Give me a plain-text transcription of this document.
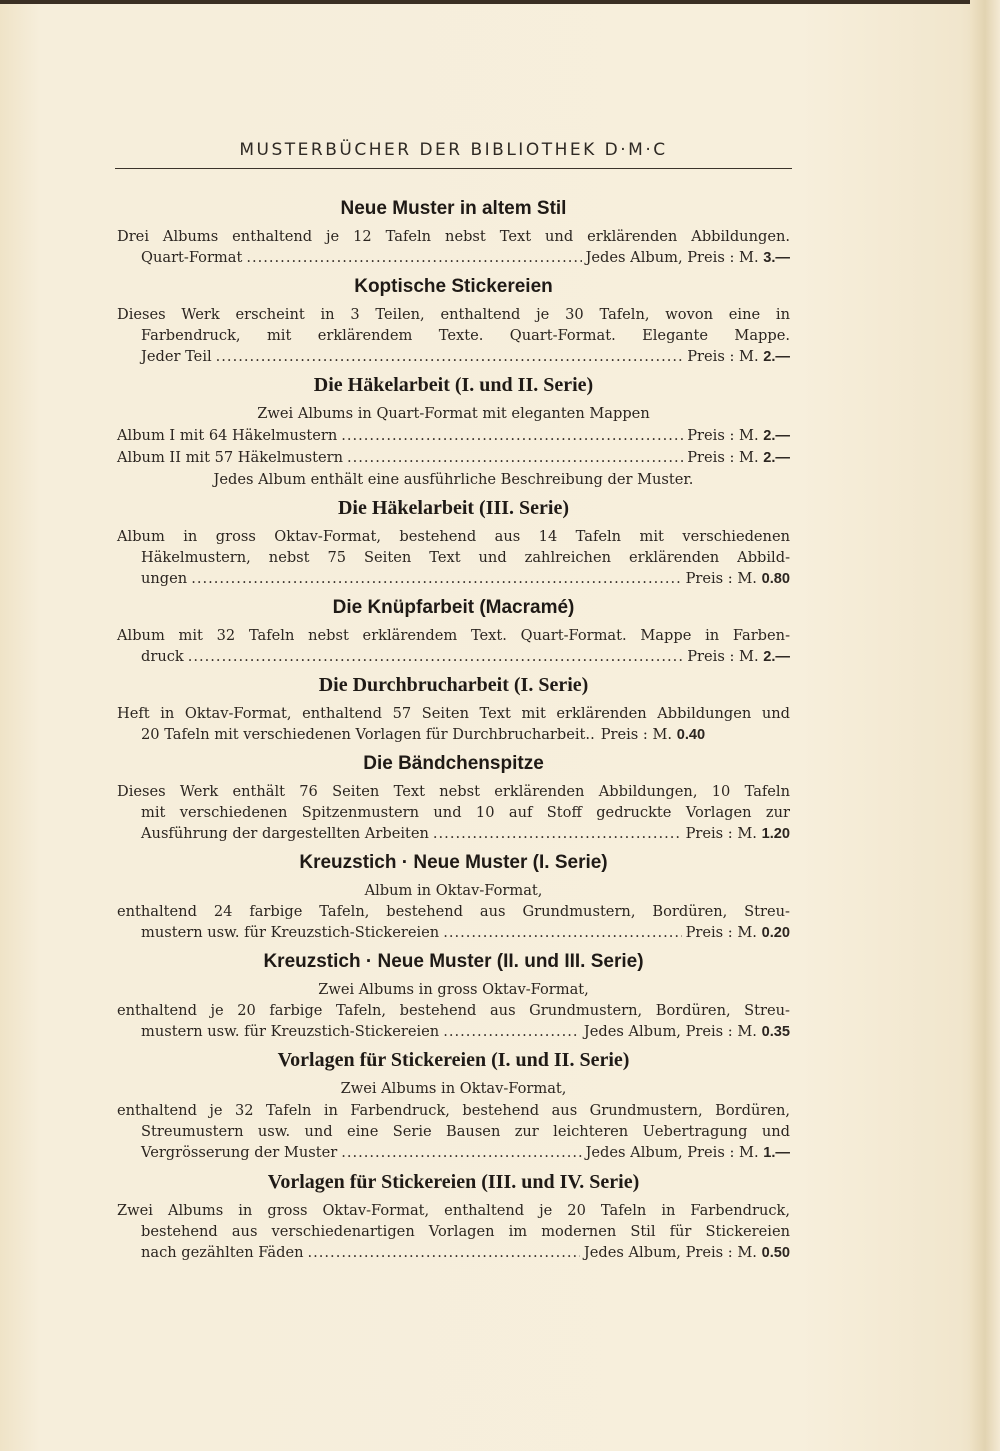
MUSTERBÜCHER DER BIBLIOTHEK D·M·C
Neue Muster in altem Stil
Drei Albums enthaltend je 12 Tafeln nebst Text und erklärenden Abbildungen.
Quart-Format .....	Jedes Album, Preis : M. 3.—
Koptische Stickereien
Dieses Werk erscheint in 3 Teilen, enthaltend je 30 Tafeln, wovon eine in
Farbendruck, mit erklärendem Texte. Quart-Format. Elegante Mappe.
Jeder Teil .....	Preis : M. 2.—
Die Häkelarbeit (I. und II. Serie)
Zwei Albums in Quart-Format mit eleganten Mappen
Album I mit 64 Häkelmustern .....	Preis : M. 2.—
Album II mit 57 Häkelmustern .....	Preis : M. 2.—
Jedes Album enthält eine ausführliche Beschreibung der Muster.
Die Häkelarbeit (III. Serie)
Album in gross Oktav-Format, bestehend aus 14 Tafeln mit verschiedenen
Häkelmustern, nebst 75 Seiten Text und zahlreichen erklärenden Abbild-
ungen .....	Preis : M. 0.80
Die Knüpfarbeit (Macramé)
Album mit 32 Tafeln nebst erklärendem Text. Quart-Format. Mappe in Farben-
druck .....	Preis : M. 2.—
Die Durchbrucharbeit (I. Serie)
Heft in Oktav-Format, enthaltend 57 Seiten Text mit erklärenden Abbildungen und
20 Tafeln mit verschiedenen Vorlagen für Durchbrucharbeit.. Preis : M. 0.40
Die Bändchenspitze
Dieses Werk enthält 76 Seiten Text nebst erklärenden Abbildungen, 10 Tafeln
mit verschiedenen Spitzenmustern und 10 auf Stoff gedruckte Vorlagen zur
Ausführung der dargestellten Arbeiten .....	Preis : M. 1.20
Kreuzstich · Neue Muster (I. Serie)
Album in Oktav-Format,
enthaltend 24 farbige Tafeln, bestehend aus Grundmustern, Bordüren, Streu-
mustern usw. für Kreuzstich-Stickereien .....	Preis : M. 0.20
Kreuzstich · Neue Muster (II. und III. Serie)
Zwei Albums in gross Oktav-Format,
enthaltend je 20 farbige Tafeln, bestehend aus Grundmustern, Bordüren, Streu-
mustern usw. für Kreuzstich-Stickereien .....	Jedes Album, Preis : M. 0.35
Vorlagen für Stickereien (I. und II. Serie)
Zwei Albums in Oktav-Format,
enthaltend je 32 Tafeln in Farbendruck, bestehend aus Grundmustern, Bordüren,
Streumustern usw. und eine Serie Bausen zur leichteren Uebertragung und
Vergrösserung der Muster .....	Jedes Album, Preis : M. 1.—
Vorlagen für Stickereien (III. und IV. Serie)
Zwei Albums in gross Oktav-Format, enthaltend je 20 Tafeln in Farbendruck,
bestehend aus verschiedenartigen Vorlagen im modernen Stil für Stickereien
nach gezählten Fäden .....	Jedes Album, Preis : M. 0.50
